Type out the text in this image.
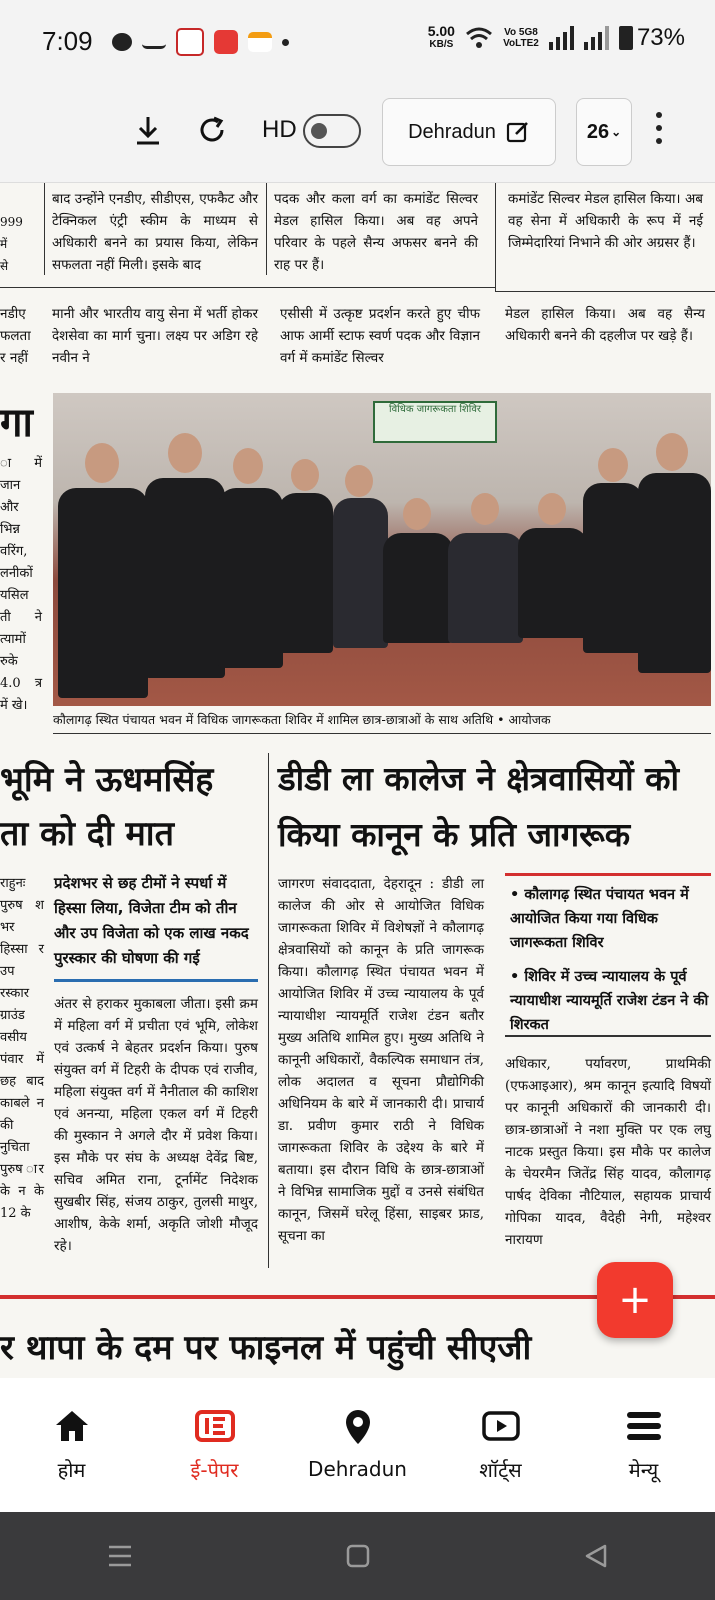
7:09	5.00
KB/S
Vo 5G8 VoLTE2	73%
HD	Dehradun	26 ⌄
999 में से
बाद उन्होंने एनडीए, सीडीएस, एफकैट और टेक्निकल एंट्री स्कीम के माध्यम से अधिकारी बनने का प्रयास किया, लेकिन सफलता नहीं मिली। इसके बाद
पदक और कला वर्ग का कमांडेंट सिल्वर मेडल हासिल किया। अब वह अपने परिवार के पहले सैन्य अफसर बनने की राह पर हैं।
कमांडेंट सिल्वर मेडल हासिल किया। अब वह सेना में अधिकारी के रूप में नई जिम्मेदारियां निभाने की ओर अग्रसर हैं।
नडीए फलता र नहीं
मानी और भारतीय वायु सेना में भर्ती होकर देशसेवा का मार्ग चुना। लक्ष्य पर अडिग रहे नवीन ने
एसीसी में उत्कृष्ट प्रदर्शन करते हुए चीफ आफ आर्मी स्टाफ स्वर्ण पदक और विज्ञान वर्ग में कमांडेंट सिल्वर
मेडल हासिल किया। अब वह सैन्य अधिकारी बनने की दहलीज पर खड़े हैं।
गा
ा में जान और भिन्न वरिंग, लनीकों यसिल ती ने त्यामों रुके 4.0 त्र में खे।
विधिक जागरूकता शिविर
कौलागढ़ स्थित पंचायत भवन में विधिक जागरूकता शिविर में शामिल छात्र-छात्राओं के साथ अतिथि • आयोजक
भूमि ने ऊधमसिंह
ता को दी मात
राहुनः पुरुष श भर हिस्सा र उप रस्कार ग्राउंड वसीय पंवार में छह बाद काबले न की नुचिता पुरुष ार के न के 12 के
प्रदेशभर से छह टीमों ने स्पर्धा में हिस्सा लिया, विजेता टीम को तीन और उप विजेता को एक लाख नकद पुरस्कार की घोषणा की गई
अंतर से हराकर मुकाबला जीता। इसी क्रम में महिला वर्ग में प्रचीता एवं भूमि, लोकेश एवं उत्कर्ष ने बेहतर प्रदर्शन किया। पुरुष संयुक्त वर्ग में टिहरी के दीपक एवं राजीव, महिला संयुक्त वर्ग में नैनीताल की काशिश एवं अनन्या, महिला एकल वर्ग में टिहरी की मुस्कान ने अगले दौर में प्रवेश किया। इस मौके पर संघ के अध्यक्ष देवेंद्र बिष्ट, सचिव अमित राना, टूर्नामेंट निदेशक सुखबीर सिंह, संजय ठाकुर, तुलसी माथुर, आशीष, केके शर्मा, अकृति जोशी मौजूद रहे।
डीडी ला कालेज ने क्षेत्रवासियों को
किया कानून के प्रति जागरूक
जागरण संवाददाता, देहरादून : डीडी ला कालेज की ओर से आयोजित विधिक जागरूकता शिविर में विशेषज्ञों ने कौलागढ़ क्षेत्रवासियों को कानून के प्रति जागरूक किया। कौलागढ़ स्थित पंचायत भवन में आयोजित शिविर में उच्च न्यायालय के पूर्व न्यायाधीश न्यायमूर्ति राजेश टंडन बतौर मुख्य अतिथि शामिल हुए। मुख्य अतिथि ने कानूनी अधिकारों, वैकल्पिक समाधान तंत्र, लोक अदालत व सूचना प्रौद्योगिकी अधिनियम के बारे में जानकारी दी। प्राचार्य डा. प्रवीण कुमार राठी ने विधिक जागरूकता शिविर के उद्देश्य के बारे में बताया। इस दौरान विधि के छात्र-छात्राओं ने विभिन्न सामाजिक मुद्दों व उनसे संबंधित कानून, जिसमें घरेलू हिंसा, साइबर फ्राड, सूचना का
• कौलागढ़ स्थित पंचायत भवन में आयोजित किया गया विधिक जागरूकता शिविर
• शिविर में उच्च न्यायालय के पूर्व न्यायाधीश न्यायमूर्ति राजेश टंडन ने की शिरकत
अधिकार, पर्यावरण, प्राथमिकी (एफआइआर), श्रम कानून इत्यादि विषयों पर कानूनी अधिकारों की जानकारी दी। छात्र-छात्राओं ने नशा मुक्ति पर एक लघु नाटक प्रस्तुत किया। इस मौके पर कालेज के चेयरमैन जितेंद्र सिंह यादव, कौलागढ़ पार्षद देविका नौटियाल, सहायक प्राचार्य गोपिका यादव, वैदेही नेगी, महेश्वर नारायण
र थापा के दम पर फाइनल में पहुंची सीएजी
+
होम	ई-पेपर	Dehradun	शॉर्ट्स	मेन्यू
